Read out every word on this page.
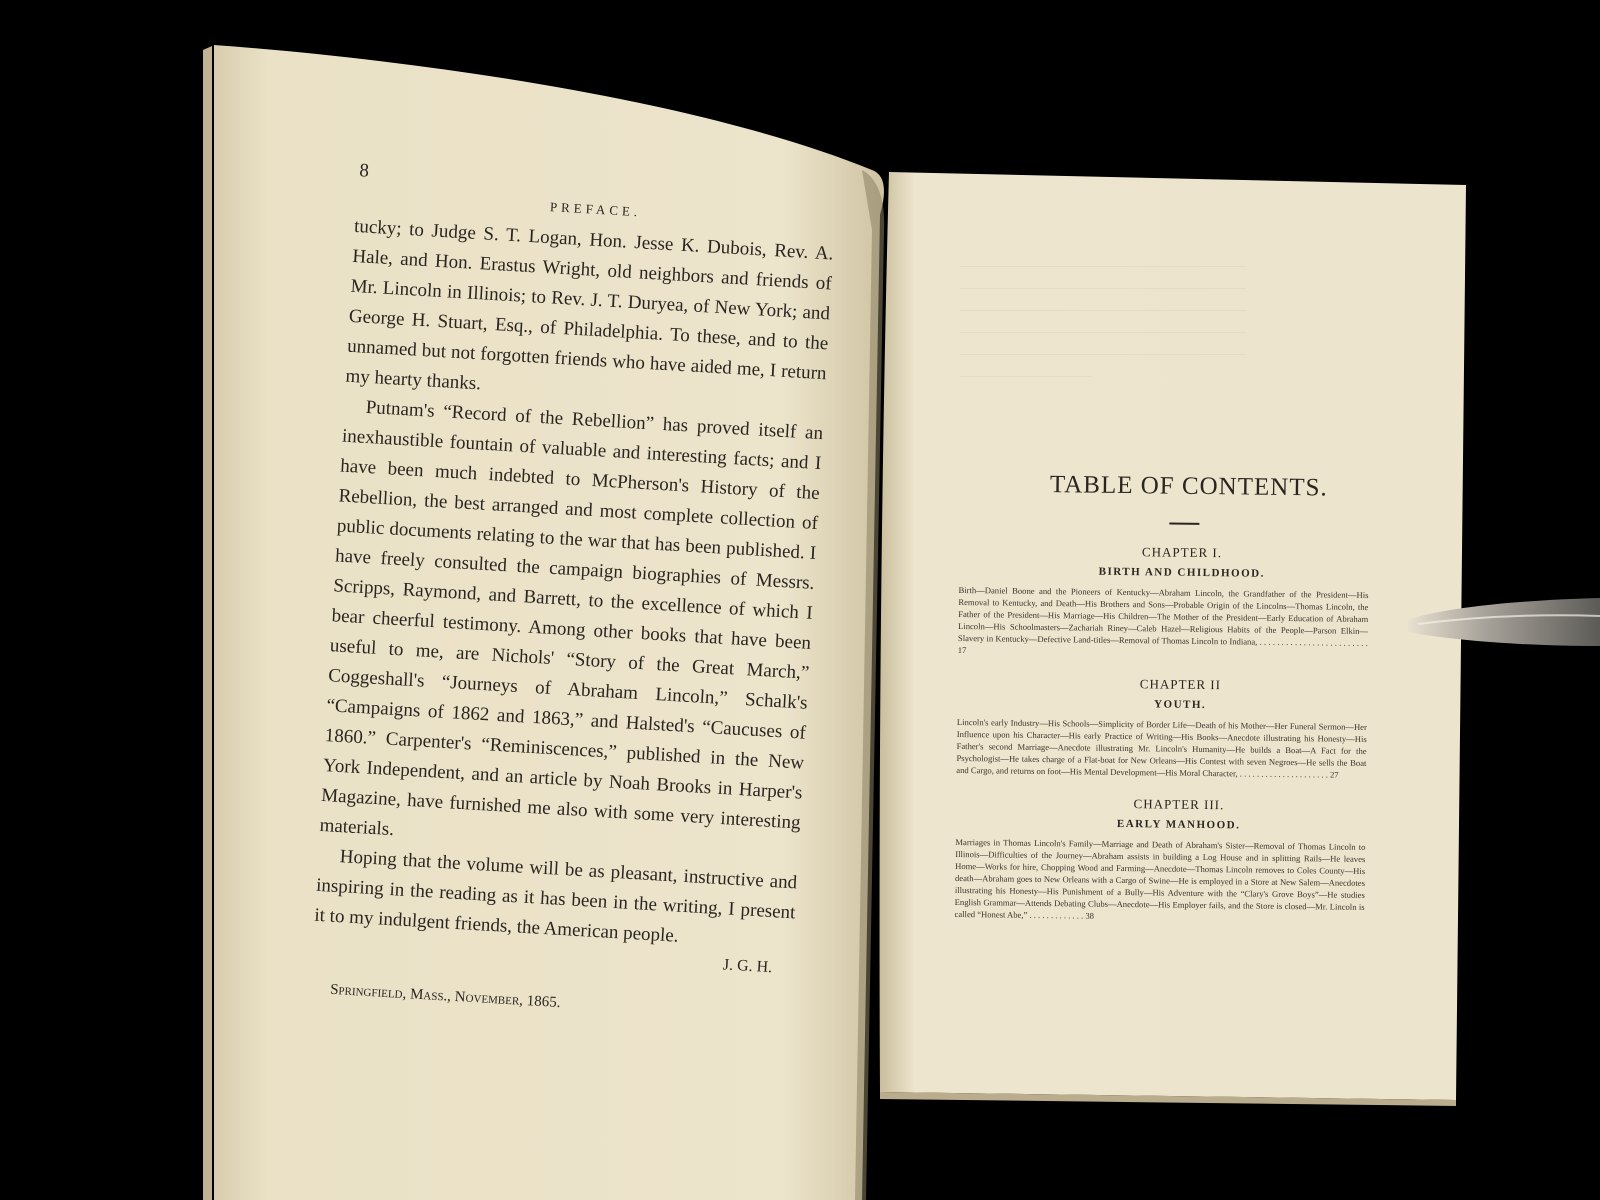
——————————————————————————
——————————————————————————
——————————————————————————
——————————————————————————
——————————————————————————
————————————
8
PREFACE.

tucky; to Judge S. T. Logan, Hon. Jesse K. Dubois, Rev. A. Hale, and Hon. Erastus Wright, old neighbors and friends of Mr. Lincoln in Illinois; to Rev. J. T. Duryea, of New York; and George H. Stuart, Esq., of Philadelphia. To these, and to the unnamed but not forgotten friends who have aided me, I return my hearty thanks.

Putnam's “Record of the Rebellion” has proved itself an inexhaustible fountain of valuable and interesting facts; and I have been much indebted to McPherson's History of the Rebellion, the best arranged and most complete collection of public documents relating to the war that has been published. I have freely consulted the campaign biographies of Messrs. Scripps, Raymond, and Barrett, to the excellence of which I bear cheerful testimony. Among other books that have been useful to me, are Nichols' “Story of the Great March,” Coggeshall's “Journeys of Abraham Lincoln,” Schalk's “Campaigns of 1862 and 1863,” and Halsted's “Caucuses of 1860.” Carpenter's “Reminiscences,” published in the New York Independent, and an article by Noah Brooks in Harper's Magazine, have furnished me also with some very interesting materials.

Hoping that the volume will be as pleasant, instructive and inspiring in the reading as it has been in the writing, I present it to my indulgent friends, the American people.

J. G. H.
Springfield, Mass., November, 1865.
TABLE OF CONTENTS.
CHAPTER I.
BIRTH AND CHILDHOOD.
Birth—Daniel Boone and the Pioneers of Kentucky—Abraham Lincoln, the Grandfather of the President—His Removal to Kentucky, and Death—His Brothers and Sons—Probable Origin of the Lincolns—Thomas Lincoln, the Father of the President—His Marriage—His Children—The Mother of the President—Early Education of Abraham Lincoln—His Schoolmasters—Zachariah Riney—Caleb Hazel—Religious Habits of the People—Parson Elkin—Slavery in Kentucky—Defective Land-titles—Removal of Thomas Lincoln to Indiana, . . . . . . . . . . . . . . . . . . . . . . . . . 17
CHAPTER II
YOUTH.
Lincoln's early Industry—His Schools—Simplicity of Border Life—Death of his Mother—Her Funeral Sermon—Her Influence upon his Character—His early Practice of Writing—His Books—Anecdote illustrating his Honesty—His Father's second Marriage—Anecdote illustrating Mr. Lincoln's Humanity—He builds a Boat—A Fact for the Psychologist—He takes charge of a Flat-boat for New Orleans—His Contest with seven Negroes—He sells the Boat and Cargo, and returns on foot—His Mental Development—His Moral Character, . . . . . . . . . . . . . . . . . . . . . 27
CHAPTER III.
EARLY MANHOOD.
Marriages in Thomas Lincoln's Family—Marriage and Death of Abraham's Sister—Removal of Thomas Lincoln to Illinois—Difficulties of the Journey—Abraham assists in building a Log House and in splitting Rails—He leaves Home—Works for hire, Chopping Wood and Farming—Anecdote—Thomas Lincoln removes to Coles County—His death—Abraham goes to New Orleans with a Cargo of Swine—He is employed in a Store at New Salem—Anecdotes illustrating his Honesty—His Punishment of a Bully—His Adventure with the “Clary's Grove Boys”—He studies English Grammar—Attends Debating Clubs—Anecdote—His Employer fails, and the Store is closed—Mr. Lincoln is called “Honest Abe,” . . . . . . . . . . . . . 38
